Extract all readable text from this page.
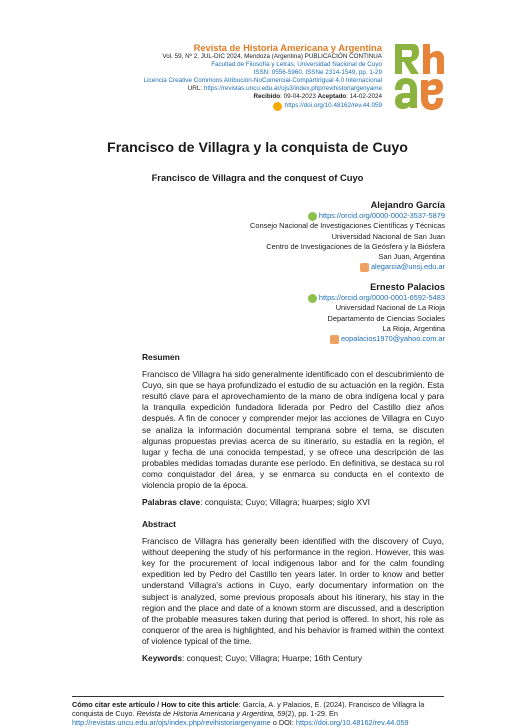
Revista de Historia Americana y Argentina
Vol. 59, Nº 2, JUL-DIC 2024, Mendoza (Argentina) PUBLICACIÓN CONTINUA
Facultad de Filosofía y Letras, Universidad Nacional de Cuyo
ISSN: 0556-5960, ISSNe 2314-1549, pp. 1-29
Licencia Creative Commons Atribución-NoComercial-CompartirIgual 4.0 Internacional
URL: https://revistas.uncu.edu.ar/ojs3/index.php/revihistoriargenyame
Recibido: 09-04-2023 Aceptado: 14-02-2024
https://doi.org/10.48162/rev.44.059
Francisco de Villagra y la conquista de Cuyo
Francisco de Villagra and the conquest of Cuyo
Alejandro García
https://orcid.org/0000-0002-3537-5879
Consejo Nacional de Investigaciones Científicas y Técnicas
Universidad Nacional de San Juan
Centro de Investigaciones de la Geósfera y la Biósfera
San Juan, Argentina
alegarcia@unsj.edu.ar
Ernesto Palacios
https://orcid.org/0000-0001-6592-5483
Universidad Nacional de La Rioja
Departamento de Ciencias Sociales
La Rioja, Argentina
eopalacios1970@yahoo.com.ar
Resumen
Francisco de Villagra ha sido generalmente identificado con el descubrimiento de Cuyo, sin que se haya profundizado el estudio de su actuación en la región. Esta resultó clave para el aprovechamiento de la mano de obra indígena local y para la tranquila expedición fundadora liderada por Pedro del Castillo diez años después. A fin de conocer y comprender mejor las acciones de Villagra en Cuyo se analiza la información documental temprana sobre el tema, se discuten algunas propuestas previas acerca de su itinerario, su estadía en la región, el lugar y fecha de una conocida tempestad, y se ofrece una descripción de las probables medidas tomadas durante ese período. En definitiva, se destaca su rol como conquistador del área, y se enmarca su conducta en el contexto de violencia propio de la época.
Palabras clave: conquista; Cuyo; Villagra; huarpes; siglo XVI
Abstract
Francisco de Villagra has generally been identified with the discovery of Cuyo, without deepening the study of his performance in the region. However, this was key for the procurement of local indigenous labor and for the calm founding expedition led by Pedro del Castillo ten years later. In order to know and better understand Villagra's actions in Cuyo, early documentary information on the subject is analyzed, some previous proposals about his itinerary, his stay in the region and the place and date of a known storm are discussed, and a description of the probable measures taken during that period is offered. In short, his role as conqueror of the area is highlighted, and his behavior is framed within the context of violence typical of the time.
Keywords: conquest; Cuyo; Villagra; Huarpe; 16th Century
Cómo citar este artículo / How to cite this article: García, A. y Palacios, E. (2024). Francisco de Villagra la conquista de Cuyo. Revista de Historia Americana y Argentina, 59(2), pp. 1-29. En http://revistas.uncu.edu.ar/ojs/index.php/revihistoriargenyame o DOI: https://doi.org/10.48162/rev.44.059
